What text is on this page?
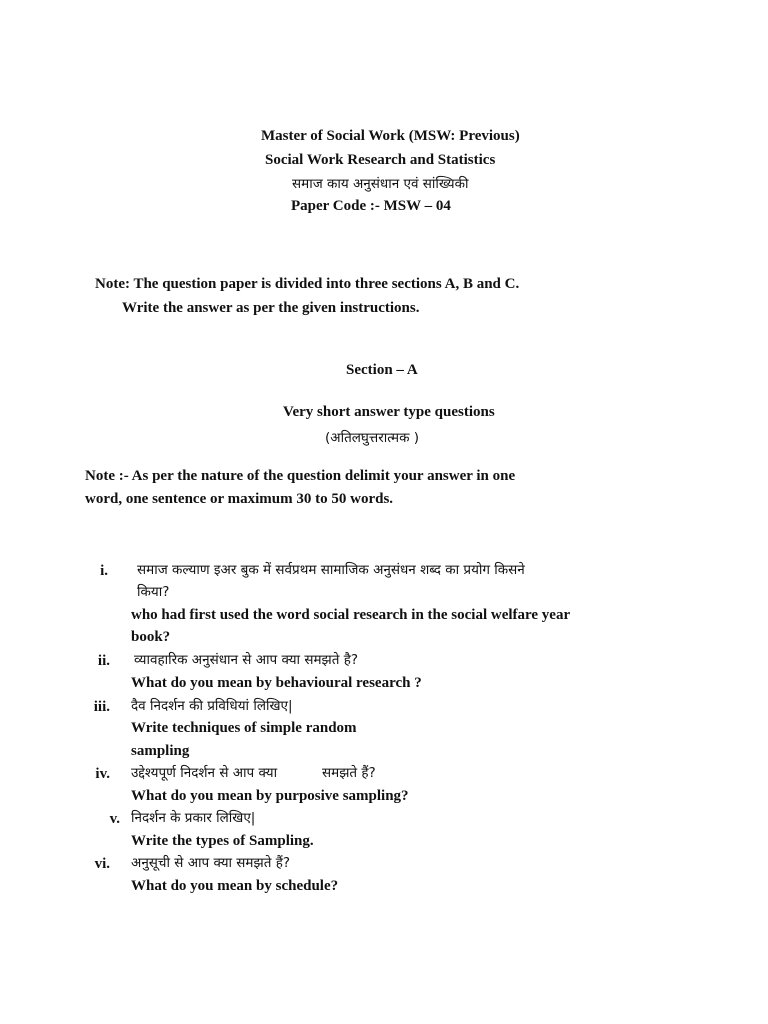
Master of Social Work (MSW: Previous)
Social Work Research and Statistics
समाज काय अनुसंधान एवं सांख्यिकी
Paper Code :- MSW – 04
Note: The question paper is divided into three sections A, B and C.
Write the answer as per the given instructions.
Section – A
Very short answer type questions
(अतिलघुत्तरात्मक )
Note :- As per the nature of the question delimit your answer in one
word, one sentence or maximum 30 to 50 words.
i. समाज कल्याण इअर बुक में सर्वप्रथम सामाजिक अनुसंधन शब्द का प्रयोग किसने
किया?
who had first used the word social research in the social welfare year
book?
ii. व्यावहारिक अनुसंधान से आप क्या समझते है?
What do you mean by behavioural research ?
iii. दैव निदर्शन की प्रविधियां लिखिए|
Write techniques of simple random
sampling
iv. उद्देश्यपूर्ण निदर्शन से आप क्या	समझते हैं?
What do you mean by purposive sampling?
v. निदर्शन के प्रकार लिखिए|
Write the types of Sampling.
vi. अनुसूची से आप क्या समझते हैं?
What do you mean by schedule?
